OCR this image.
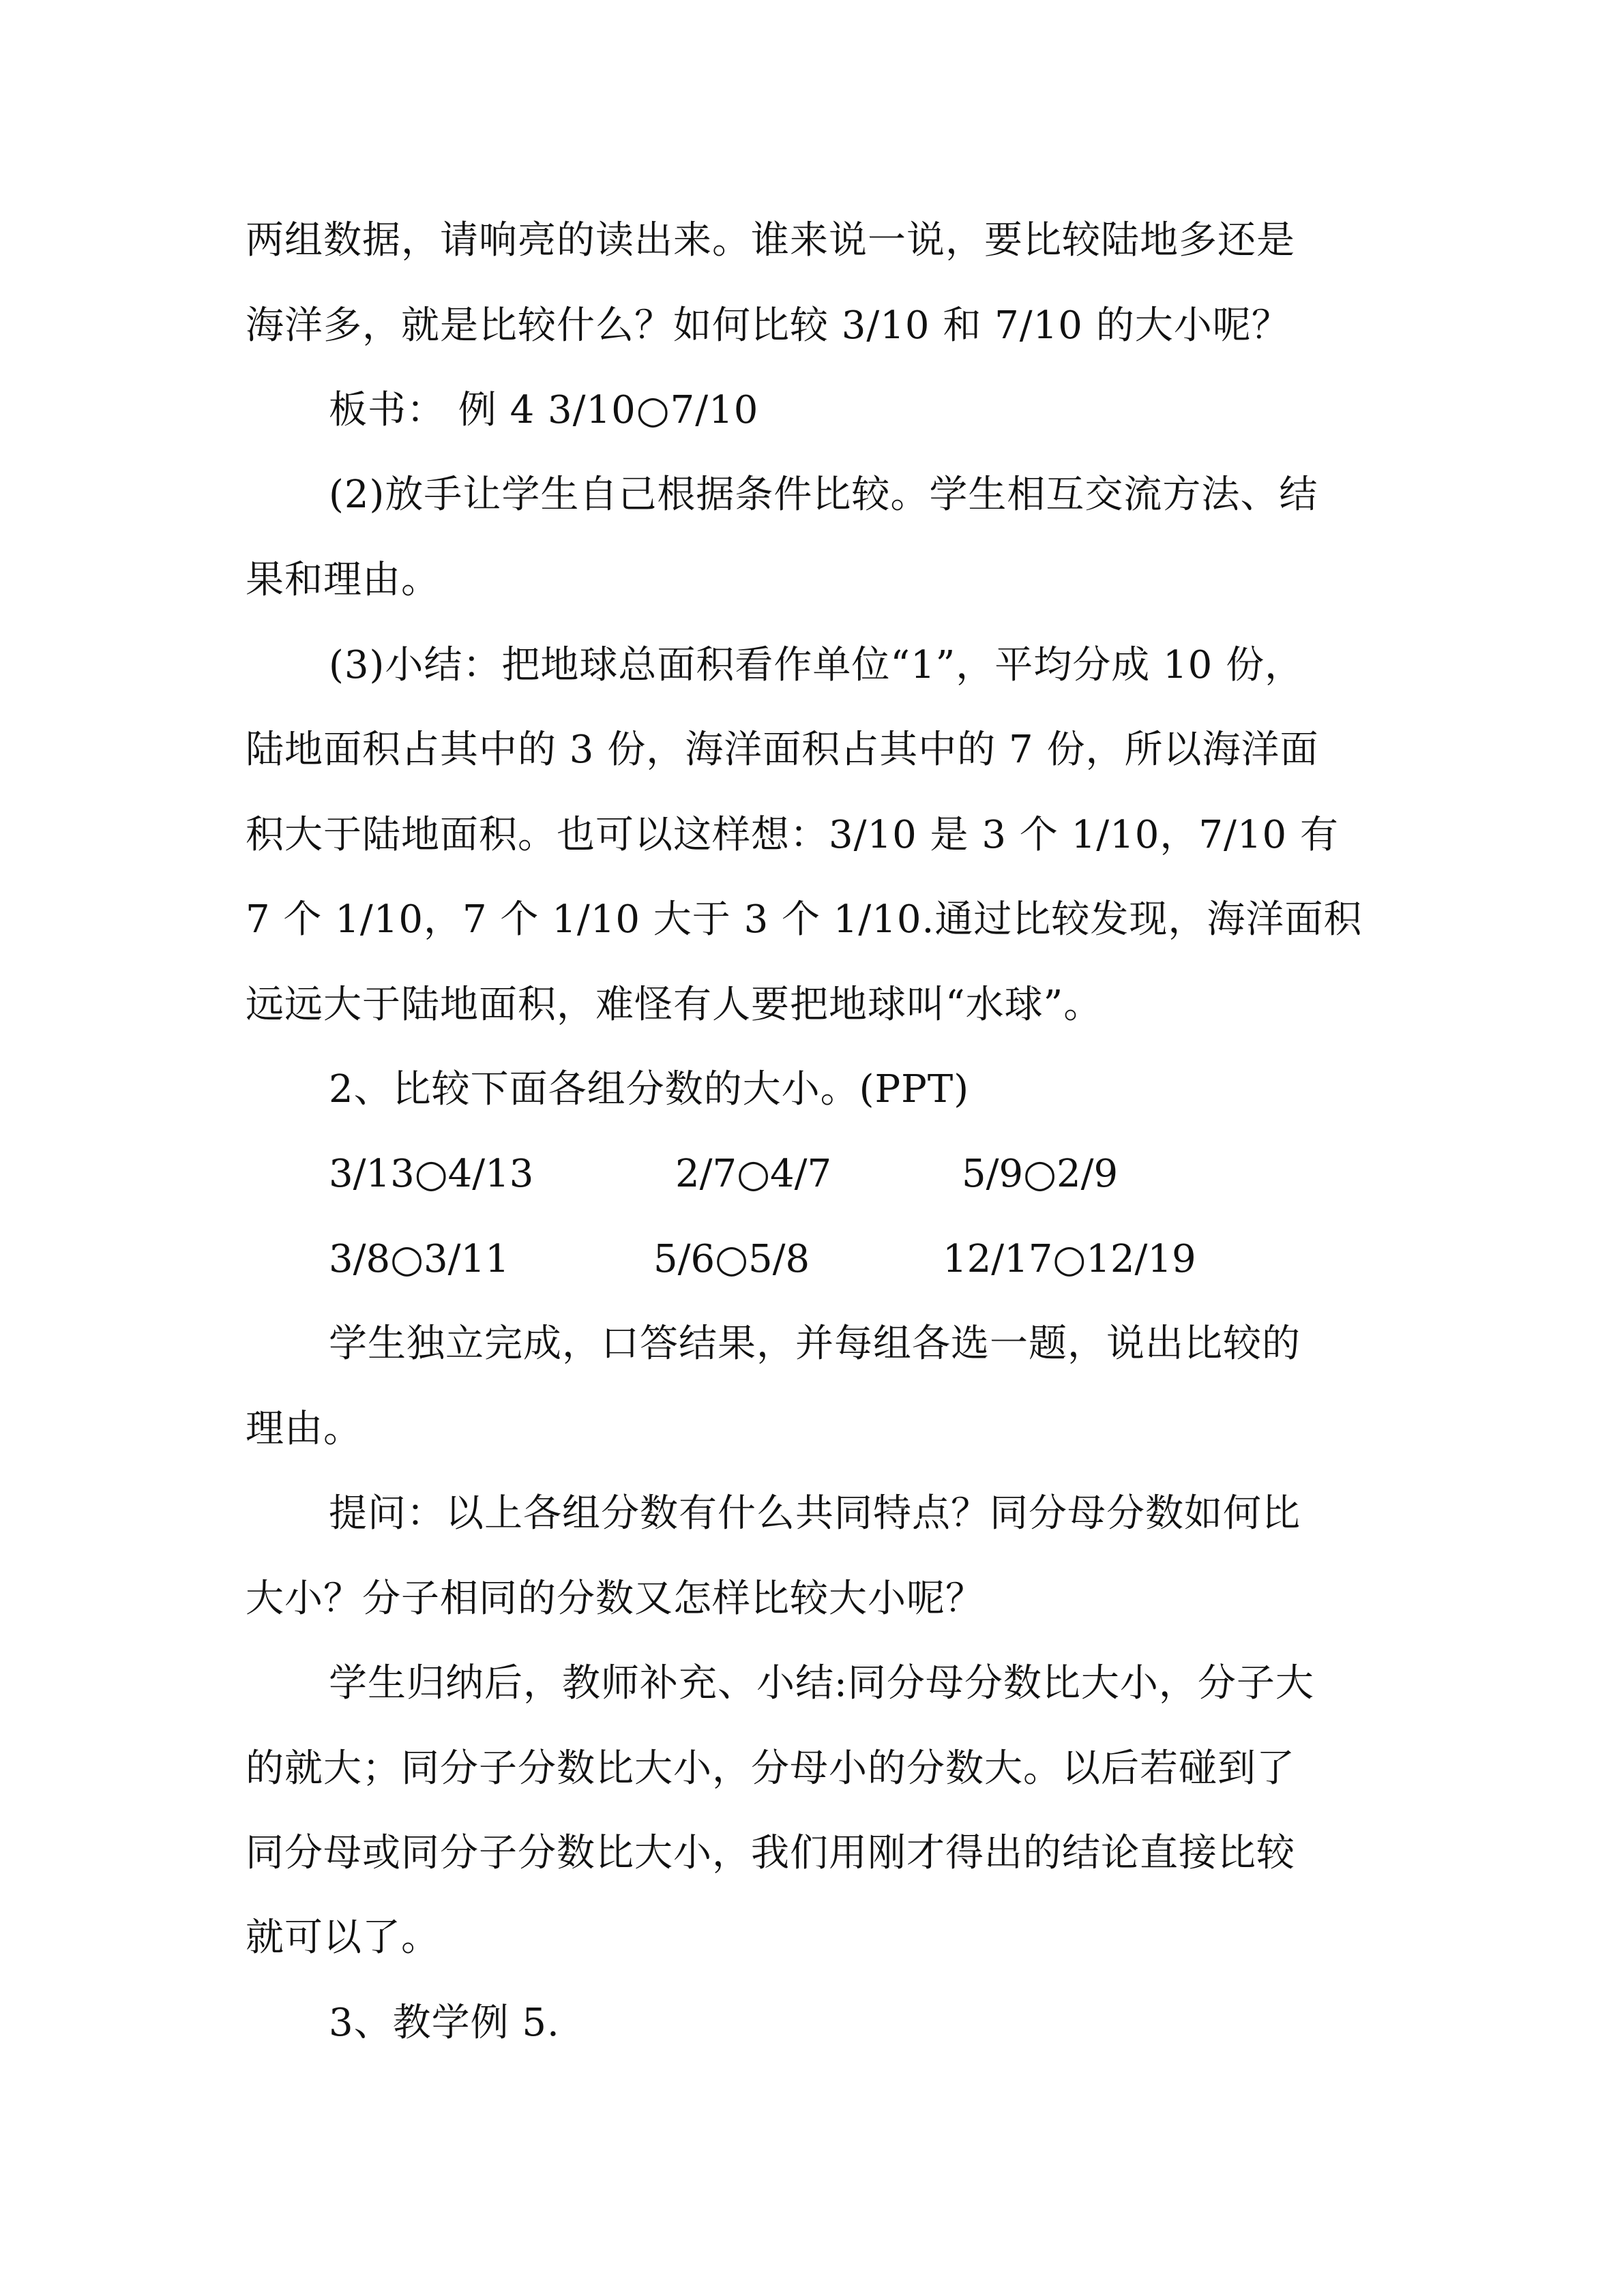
两组数据，请响亮的读出来。谁来说一说，要比较陆地多还是
海洋多，就是比较什么？如何比较 3/10 和 7/10 的大小呢？
板书： 例 4 3/10○7/10
(2)放手让学生自己根据条件比较。学生相互交流方法、结
果和理由。
(3)小结：把地球总面积看作单位“1”，平均分成 10 份，
陆地面积占其中的 3 份，海洋面积占其中的 7 份，所以海洋面
积大于陆地面积。也可以这样想：3/10 是 3 个 1/10，7/10 有
7 个 1/10，7 个 1/10 大于 3 个 1/10.通过比较发现，海洋面积
远远大于陆地面积，难怪有人要把地球叫“水球”。
2、比较下面各组分数的大小。(PPT)
3/13○4/13	2/7○4/7	5/9○2/9
3/8○3/11	5/6○5/8	12/17○12/19
学生独立完成，口答结果，并每组各选一题，说出比较的
理由。
提问：以上各组分数有什么共同特点？同分母分数如何比
大小？分子相同的分数又怎样比较大小呢？
学生归纳后，教师补充、小结:同分母分数比大小，分子大
的就大；同分子分数比大小，分母小的分数大。以后若碰到了
同分母或同分子分数比大小，我们用刚才得出的结论直接比较
就可以了。
3、教学例 5.
